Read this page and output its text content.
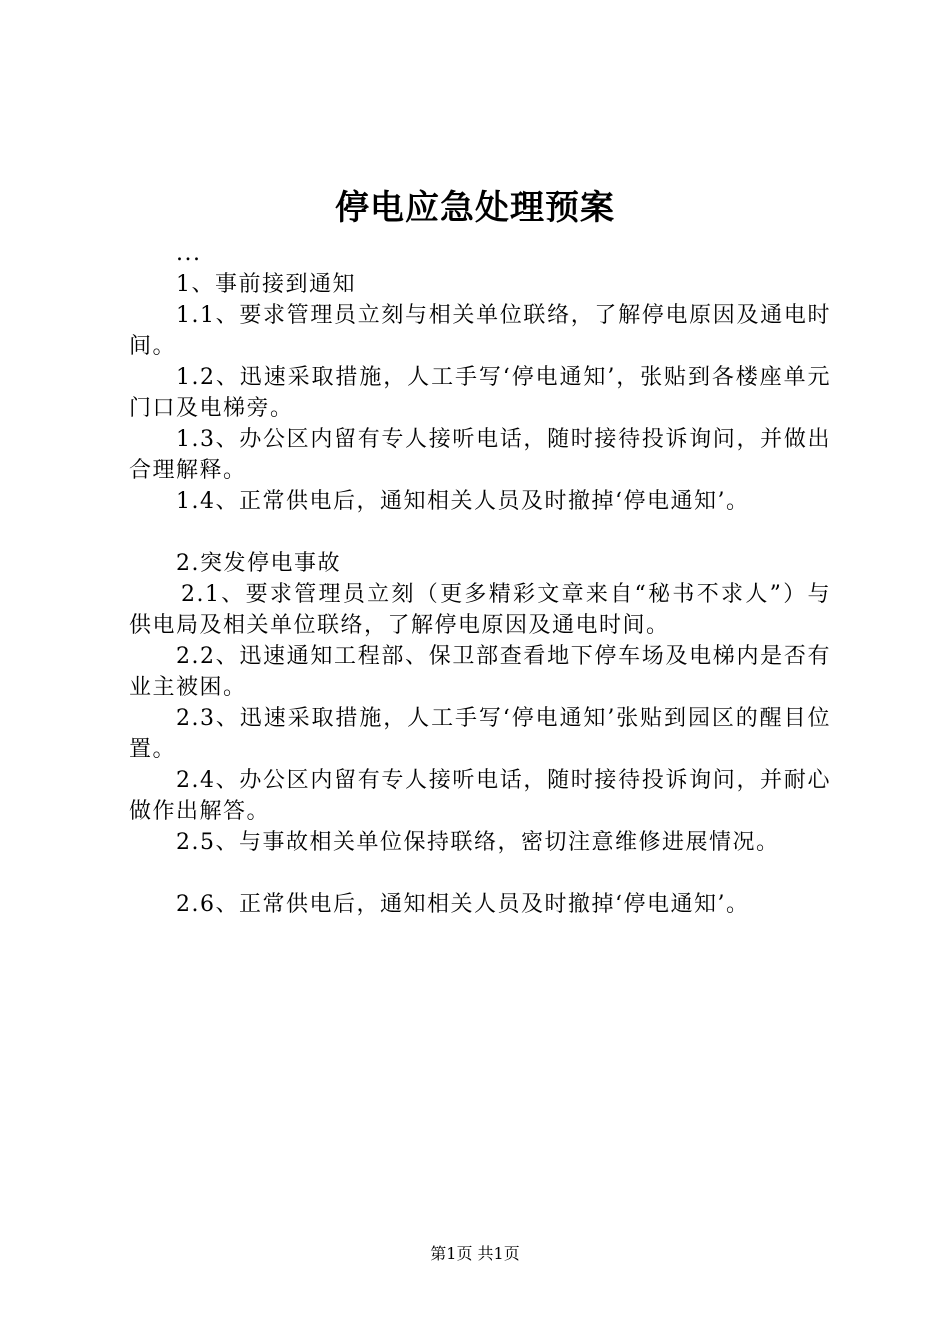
停电应急处理预案

...

1、事前接到通知

1.1、要求管理员立刻与相关单位联络，了解停电原因及通电时间。

1.2、迅速采取措施，人工手写‘停电通知’，张贴到各楼座单元门口及电梯旁。

1.3、办公区内留有专人接听电话，随时接待投诉询问，并做出合理解释。

1.4、正常供电后，通知相关人员及时撤掉‘停电通知’。

2.突发停电事故

2.1、要求管理员立刻（更多精彩文章来自“秘书不求人”）与供电局及相关单位联络，了解停电原因及通电时间。

2.2、迅速通知工程部、保卫部查看地下停车场及电梯内是否有业主被困。

2.3、迅速采取措施，人工手写‘停电通知’张贴到园区的醒目位置。

2.4、办公区内留有专人接听电话，随时接待投诉询问，并耐心做作出解答。

2.5、与事故相关单位保持联络，密切注意维修进展情况。

2.6、正常供电后，通知相关人员及时撤掉‘停电通知’。

第1页 共1页
